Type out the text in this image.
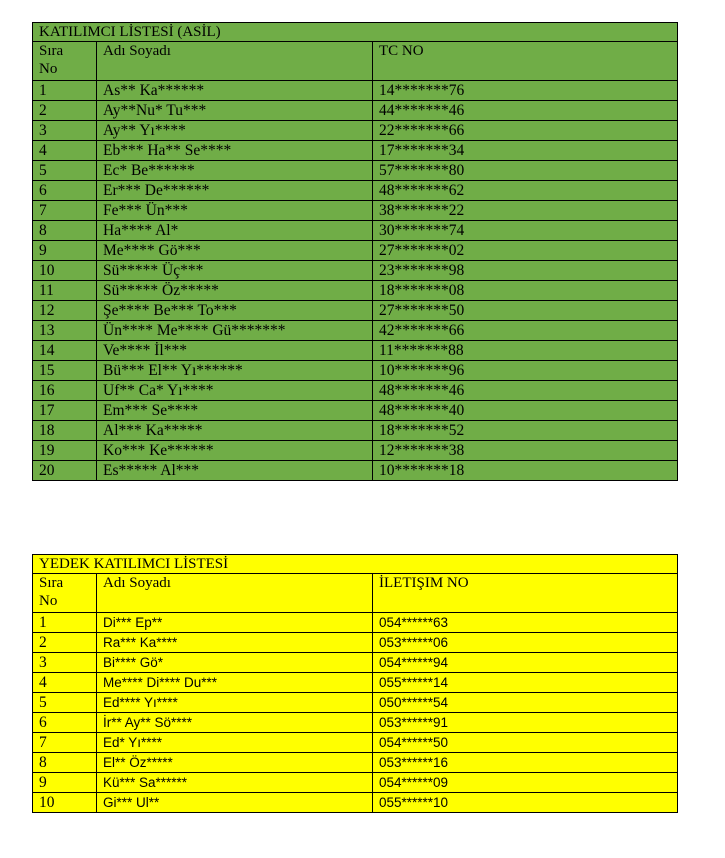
KATILIMCI LİSTESİ (ASİL)		
Sıra
No	Adı Soyadı	TC NO
1	As** Ka******	14*******76
2	Ay**Nu* Tu***	44*******46
3	Ay** Yı****	22*******66
4	Eb*** Ha** Se****	17*******34
5	Ec* Be******	57*******80
6	Er*** De******	48*******62
7	Fe*** Ün***	38*******22
8	Ha**** Al*	30*******74
9	Me**** Gö***	27*******02
10	Sü***** Üç***	23*******98
11	Sü***** Öz*****	18*******08
12	Şe**** Be*** To***	27*******50
13	Ün**** Me**** Gü*******	42*******66
14	Ve**** İl***	11*******88
15	Bü*** El** Yı******	10*******96
16	Uf** Ca* Yı****	48*******46
17	Em*** Se****	48*******40
18	Al*** Ka*****	18*******52
19	Ko*** Ke******	12*******38
20	Es***** Al***	10*******18
YEDEK KATILIMCI LİSTESİ		
Sıra
No	Adı Soyadı	İLETIŞIM NO
1	Di*** Ep**	054******63
2	Ra*** Ka****	053******06
3	Bi**** Gö*	054******94
4	Me**** Di**** Du***	055******14
5	Ed**** Yı****	050******54
6	İr** Ay** Sö****	053******91
7	Ed* Yı****	054******50
8	El** Öz*****	053******16
9	Kü*** Sa******	054******09
10	Gi*** Ul**	055******10
